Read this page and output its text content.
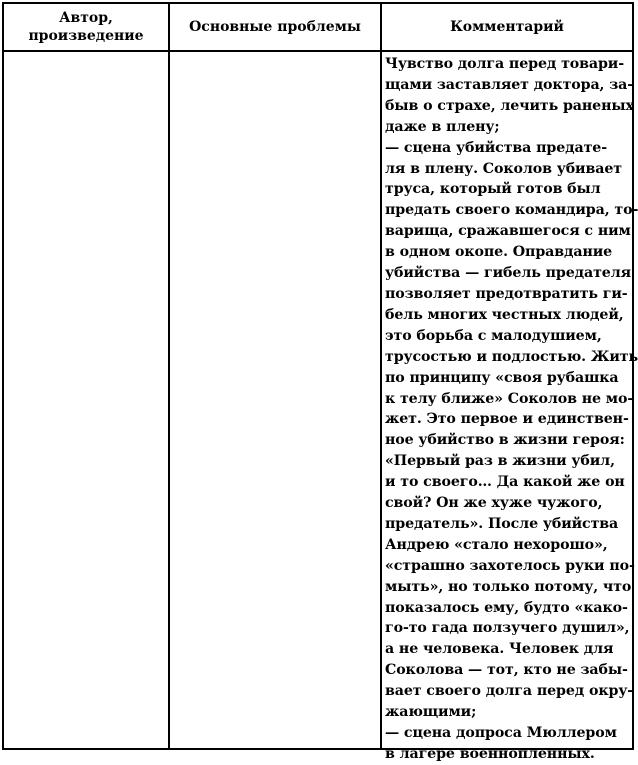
Автор,
произведение
Основные проблемы	Комментарий
Чувство долга перед товари-
щами заставляет доктора, за-
быв о страхе, лечить раненых
даже в плену;
— сцена убийства предате-
ля в плену. Соколов убивает
труса, который готов был
предать своего командира, то-
варища, сражавшегося с ним
в одном окопе. Оправдание
убийства — гибель предателя
позволяет предотвратить ги-
бель многих честных людей,
это борьба с малодушием,
трусостью и подлостью. Жить
по принципу «своя рубашка
к телу ближе» Соколов не мо-
жет. Это первое и единствен-
ное убийство в жизни героя:
«Первый раз в жизни убил,
и то своего… Да какой же он
свой? Он же хуже чужого,
предатель». После убийства
Андрею «стало нехорошо»,
«страшно захотелось руки по-
мыть», но только потому, что
показалось ему, будто «како-
го-то гада ползучего душил»,
а не человека. Человек для
Соколова — тот, кто не забы-
вает своего долга перед окру-
жающими;
— сцена допроса Мюллером
в лагере военнопленных.
